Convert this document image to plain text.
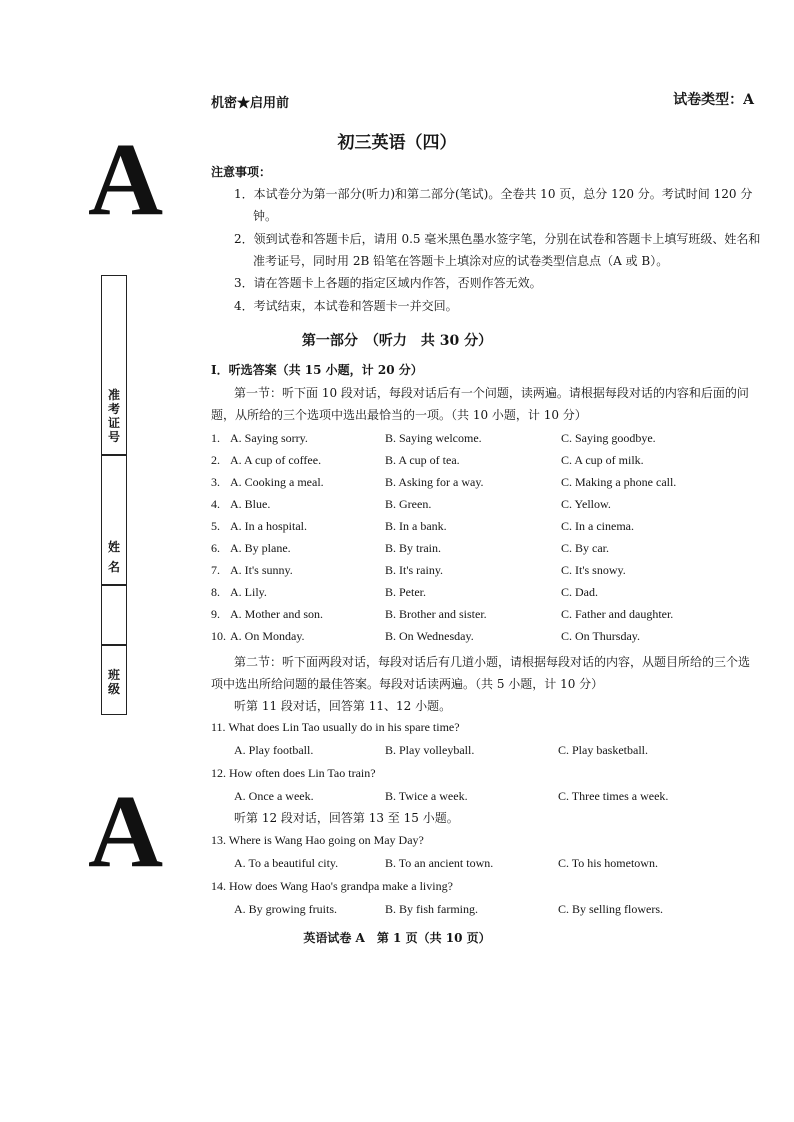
机密★启用前	试卷类型：A
A
A
准
考
证
号
姓
名
班
级
初三英语（四）
注意事项：
1．本试卷分为第一部分(听力)和第二部分(笔试)。全卷共 10 页，总分 120 分。考试时间 120 分
钟。
2．领到试卷和答题卡后，请用 0.5 毫米黑色墨水签字笔，分别在试卷和答题卡上填写班级、姓名和
准考证号，同时用 2B 铅笔在答题卡上填涂对应的试卷类型信息点（A 或 B）。
3．请在答题卡上各题的指定区域内作答，否则作答无效。
4．考试结束，本试卷和答题卡一并交回。
第一部分　（听力　共 30 分）
Ⅰ．听选答案（共 15 小题，计 20 分）
第一节：听下面 10 段对话，每段对话后有一个问题，读两遍。请根据每段对话的内容和后面的问
题，从所给的三个选项中选出最恰当的一项。（共 10 小题，计 10 分）
1. A. Saying sorry.	B. Saying welcome.	C. Saying goodbye.
2. A. A cup of coffee.	B. A cup of tea.	C. A cup of milk.
3. A. Cooking a meal.	B. Asking for a way.	C. Making a phone call.
4. A. Blue.	B. Green.	C. Yellow.
5. A. In a hospital.	B. In a bank.	C. In a cinema.
6. A. By plane.	B. By train.	C. By car.
7. A. It's sunny.	B. It's rainy.	C. It's snowy.
8. A. Lily.	B. Peter.	C. Dad.
9. A. Mother and son.	B. Brother and sister.	C. Father and daughter.
10. A. On Monday.	B. On Wednesday.	C. On Thursday.
第二节：听下面两段对话，每段对话后有几道小题，请根据每段对话的内容，从题目所给的三个选
项中选出所给问题的最佳答案。每段对话读两遍。（共 5 小题，计 10 分）
听第 11 段对话，回答第 11、12 小题。
11. What does Lin Tao usually do in his spare time?
A. Play football.	B. Play volleyball.	C. Play basketball.
12. How often does Lin Tao train?
A. Once a week.	B. Twice a week.	C. Three times a week.
听第 12 段对话，回答第 13 至 15 小题。
13. Where is Wang Hao going on May Day?
A. To a beautiful city.	B. To an ancient town.	C. To his hometown.
14. How does Wang Hao's grandpa make a living?
A. By growing fruits.	B. By fish farming.	C. By selling flowers.
英语试卷 A　第 1 页（共 10 页）
